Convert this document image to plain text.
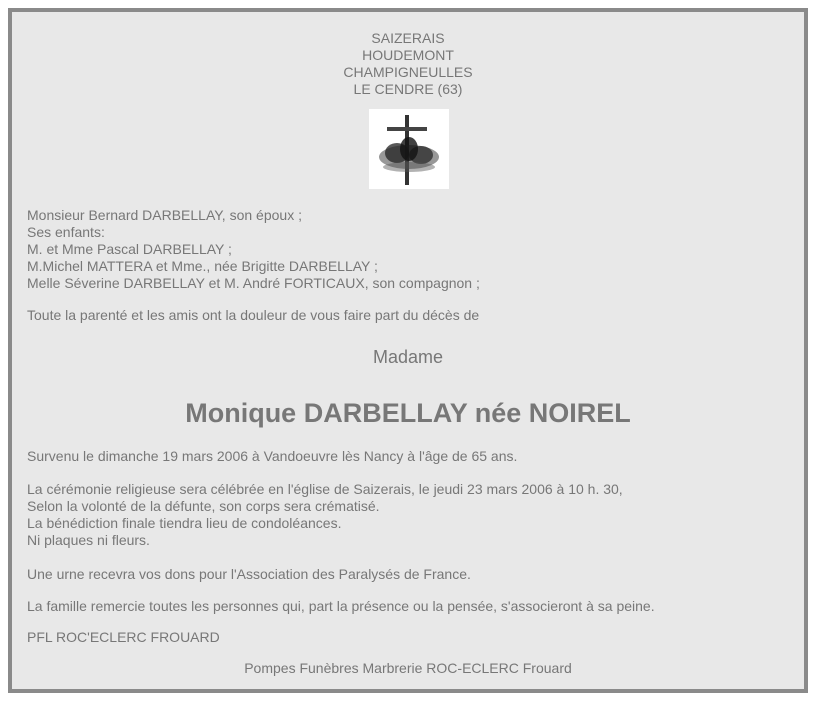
SAIZERAIS
HOUDEMONT
CHAMPIGNEULLES
LE CENDRE (63)
Monsieur Bernard DARBELLAY, son époux ;
Ses enfants:
M. et Mme Pascal DARBELLAY ;
M.Michel MATTERA et Mme., née Brigitte DARBELLAY ;
Melle Séverine DARBELLAY et M. André FORTICAUX, son compagnon ;
Toute la parenté et les amis ont la douleur de vous faire part du décès de
Madame
Monique DARBELLAY née NOIREL
Survenu le dimanche 19 mars 2006 à Vandoeuvre lès Nancy à l'âge de 65 ans.
La cérémonie religieuse sera célébrée en l'église de Saizerais, le jeudi 23 mars 2006 à 10 h. 30,
Selon la volonté de la défunte, son corps sera crématisé.
La bénédiction finale tiendra lieu de condoléances.
Ni plaques ni fleurs.
Une urne recevra vos dons pour l'Association des Paralysés de France.
La famille remercie toutes les personnes qui, part la présence ou la pensée, s'associeront à sa peine.
PFL ROC'ECLERC FROUARD
Pompes Funèbres Marbrerie ROC-ECLERC Frouard
